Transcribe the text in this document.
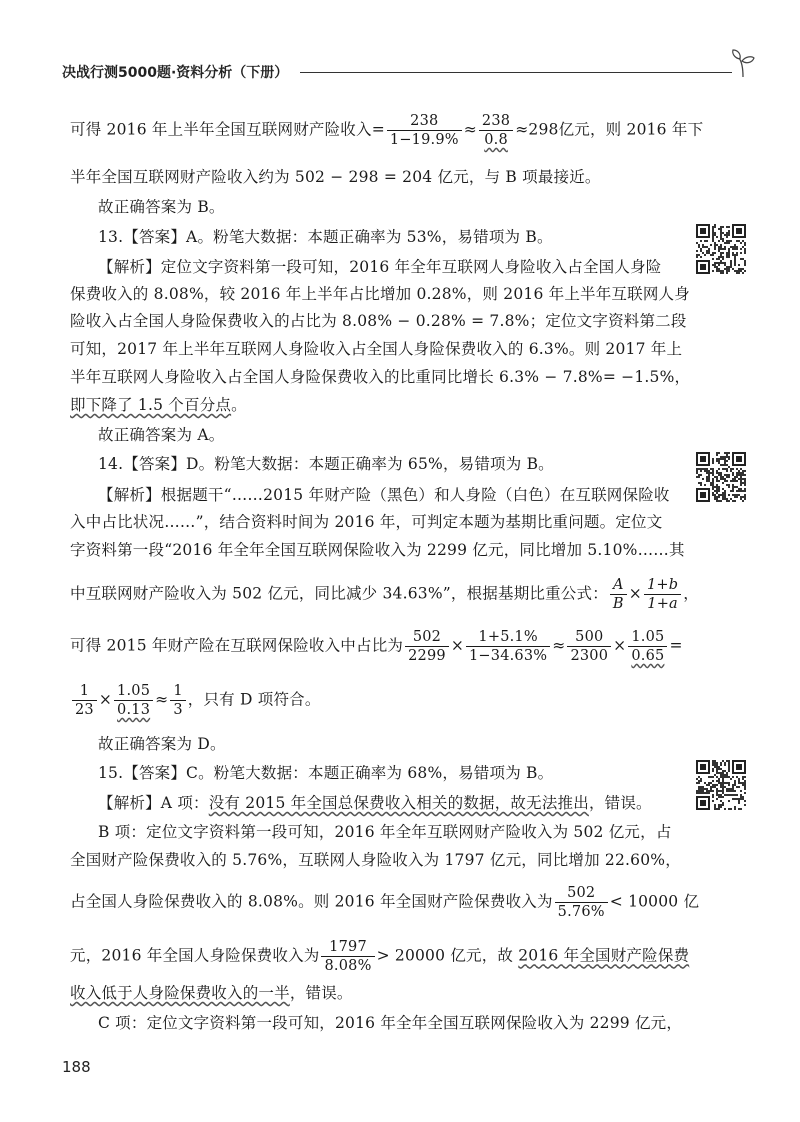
决战行测5000题·资料分析（下册）
可得 2016 年上半年全国互联网财产险收入= $\frac{238}{1-19.9\%} \approx \frac{238}{0.8} \approx 298$亿元，则 2016 年下
半年全国互联网财产险收入约为 502 − 298 = 204 亿元，与 B 项最接近。
故正确答案为 B。
13.【答案】A。粉笔大数据：本题正确率为 53%，易错项为 B。
【解析】定位文字资料第一段可知，2016 年全年互联网人身险收入占全国人身险
保费收入的 8.08%，较 2016 年上半年占比增加 0.28%，则 2016 年上半年互联网人身
险收入占全国人身险保费收入的占比为 8.08% − 0.28% = 7.8%；定位文字资料第二段
可知，2017 年上半年互联网人身险收入占全国人身险保费收入的 6.3%。则 2017 年上
半年互联网人身险收入占全国人身险保费收入的比重同比增长 6.3% − 7.8%= −1.5%，
即下降了 1.5 个百分点。
故正确答案为 A。
14.【答案】D。粉笔大数据：本题正确率为 65%，易错项为 B。
【解析】根据题干“……2015 年财产险（黑色）和人身险（白色）在互联网保险收
入中占比状况……”，结合资料时间为 2016 年，可判定本题为基期比重问题。定位文
字资料第一段“2016 年全年全国互联网保险收入为 2299 亿元，同比增加 5.10%……其
中互联网财产险收入为 502 亿元，同比减少 34.63%”，根据基期比重公式： $\frac{A}{B} \times \frac{1+b}{1+a}$ ，
可得 2015 年财产险在互联网保险收入中占比为 $\frac{502}{2299} \times \frac{1+5.1\%}{1-34.63\%} \approx \frac{500}{2300} \times \frac{1.05}{0.65}$ =
$\frac{1}{23} \times \frac{1.05}{0.13} \approx \frac{1}{3}$ ，只有 D 项符合。
故正确答案为 D。
15.【答案】C。粉笔大数据：本题正确率为 68%，易错项为 B。
【解析】A 项：没有 2015 年全国总保费收入相关的数据，故无法推出，错误。
B 项：定位文字资料第一段可知，2016 年全年互联网财产险收入为 502 亿元，占
全国财产险保费收入的 5.76%，互联网人身险收入为 1797 亿元，同比增加 22.60%，
占全国人身险保费收入的 8.08%。则 2016 年全国财产险保费收入为 $\frac{502}{5.76\%} < 10000$ 亿
元，2016 年全国人身险保费收入为 $\frac{1797}{8.08\%} > 20000$ 亿元，故 2016 年全国财产险保费
收入低于人身险保费收入的一半，错误。
C 项：定位文字资料第一段可知，2016 年全年全国互联网保险收入为 2299 亿元，
188
